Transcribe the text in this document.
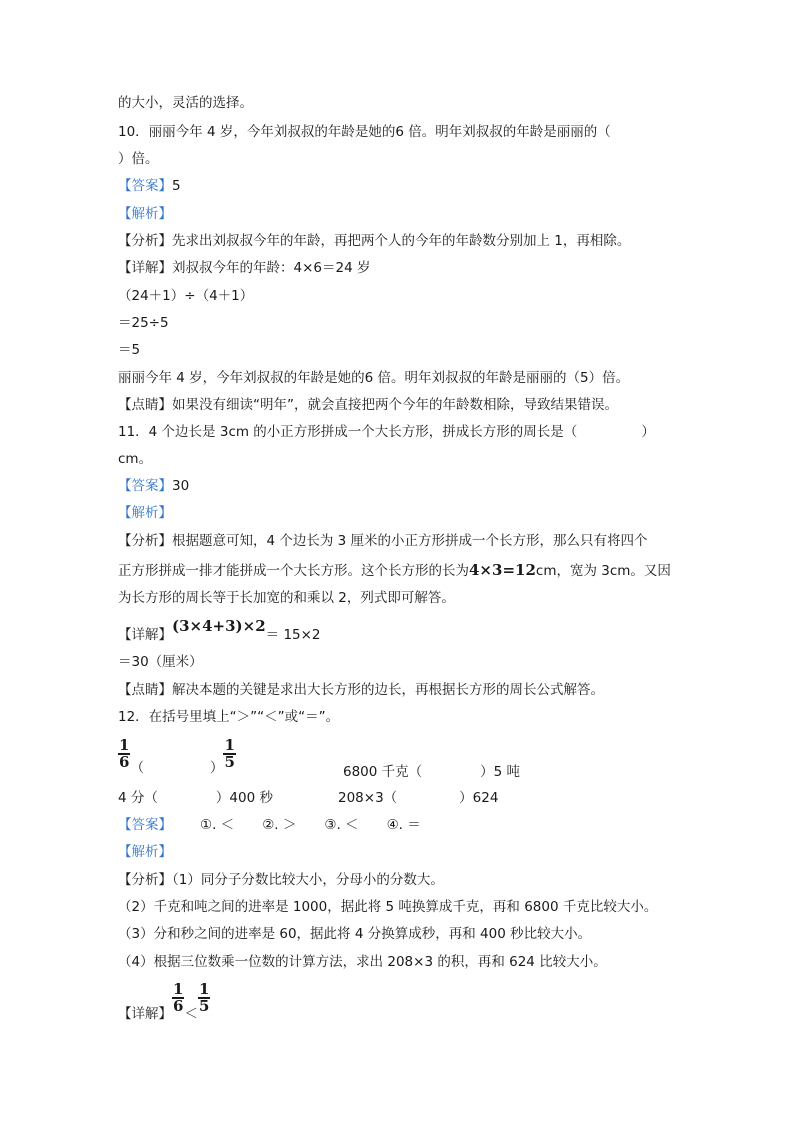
的大小，灵活的选择。
10．丽丽今年 4 岁，今年刘叔叔的年龄是她的6 倍。明年刘叔叔的年龄是丽丽的（
）倍。
【答案】5
【解析】
【分析】先求出刘叔叔今年的年龄，再把两个人的今年的年龄数分别加上 1，再相除。
【详解】刘叔叔今年的年龄：4×6＝24 岁
（24＋1）÷（4＋1）
＝25÷5
＝5
丽丽今年 4 岁，今年刘叔叔的年龄是她的6 倍。明年刘叔叔的年龄是丽丽的（5）倍。
【点睛】如果没有细读“明年”，就会直接把两个今年的年龄数相除，导致结果错误。
11．4 个边长是 3cm 的小正方形拼成一个大长方形，拼成长方形的周长是（	）
cm。
【答案】30
【解析】
【分析】根据题意可知，4 个边长为 3 厘米的小正方形拼成一个长方形，那么只有将四个
正方形拼成一排才能拼成一个大长方形。这个长方形的长为4×3=12cm，宽为 3cm。又因
为长方形的周长等于长加宽的和乘以 2，列式即可解答。
【详解】(3×4+3)×2＝ 15×2
＝30（厘米）
【点睛】解决本题的关键是求出大长方形的边长，再根据长方形的周长公式解答。
12．在括号里填上“＞”“＜”或“＝”。
$\frac{1}{6}$ （	） $\frac{1}{5}$
6800 千克（	）5 吨
4 分（	）400 秒	208×3（	）624
【答案】 ①. ＜ ②. ＞ ③. ＜ ④. ＝
【解析】
【分析】（1）同分子分数比较大小，分母小的分数大。
（2）千克和吨之间的进率是 1000，据此将 5 吨换算成千克，再和 6800 千克比较大小。
（3）分和秒之间的进率是 60，据此将 4 分换算成秒，再和 400 秒比较大小。
（4）根据三位数乘一位数的计算方法，求出 208×3 的积，再和 624 比较大小。
【详解】 $\frac{1}{6} < \frac{1}{5}$
